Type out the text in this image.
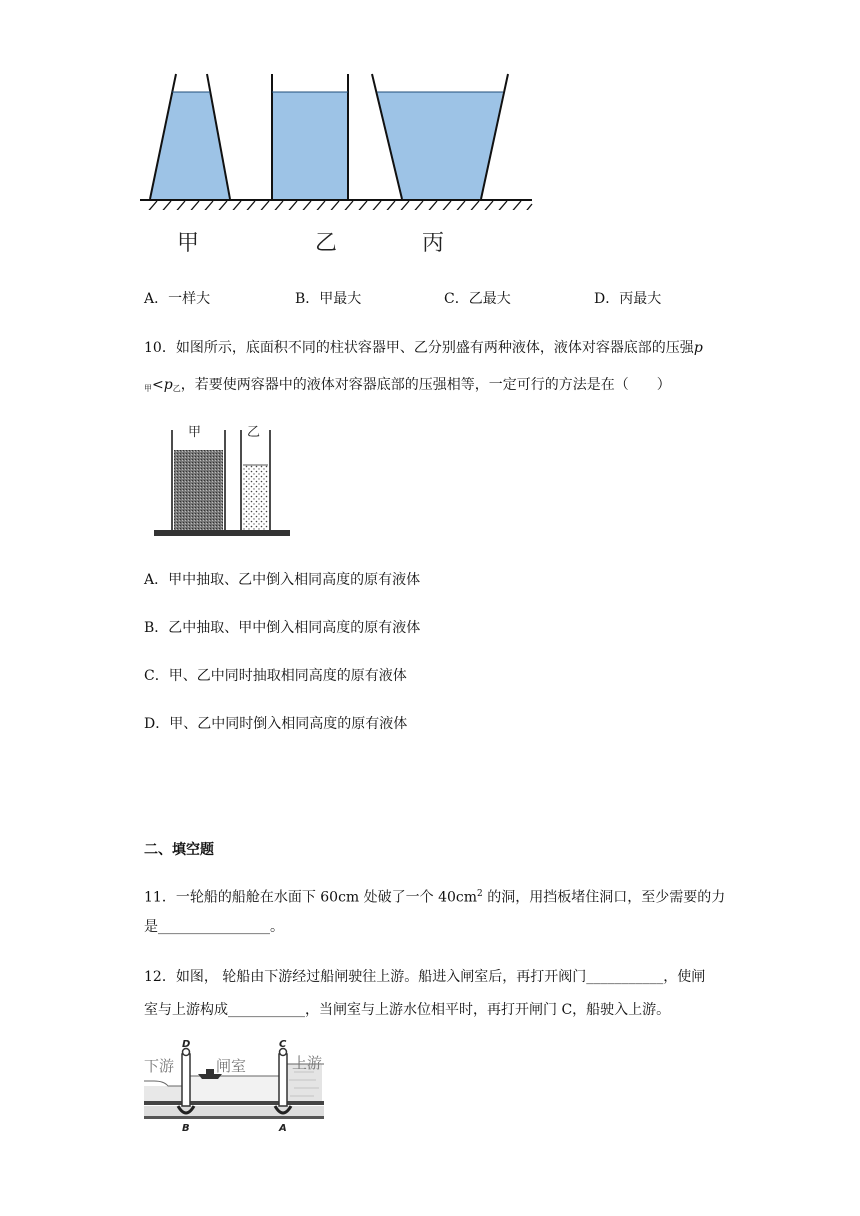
甲	乙	丙
A．一样大	B．甲最大	C．乙最大	D．丙最大
10．如图所示，底面积不同的柱状容器甲、乙分别盛有两种液体，液体对容器底部的压强p
$_甲<p_乙$，若要使两容器中的液体对容器底部的压强相等，一定可行的方法是在（　　）
甲	乙
A．甲中抽取、乙中倒入相同高度的原有液体
B．乙中抽取、甲中倒入相同高度的原有液体
C．甲、乙中同时抽取相同高度的原有液体
D．甲、乙中同时倒入相同高度的原有液体
二、填空题
11．一轮船的船舱在水面下 60cm 处破了一个 $40cm^2$ 的洞，用挡板堵住洞口，至少需要的力
是________________。
12．如图， 轮船由下游经过船闸驶往上游。船进入闸室后，再打开阀门___________，使闸
室与上游构成___________，当闸室与上游水位相平时，再打开闸门 C，船驶入上游。
下游	闸室	上游
D	C
B	A
